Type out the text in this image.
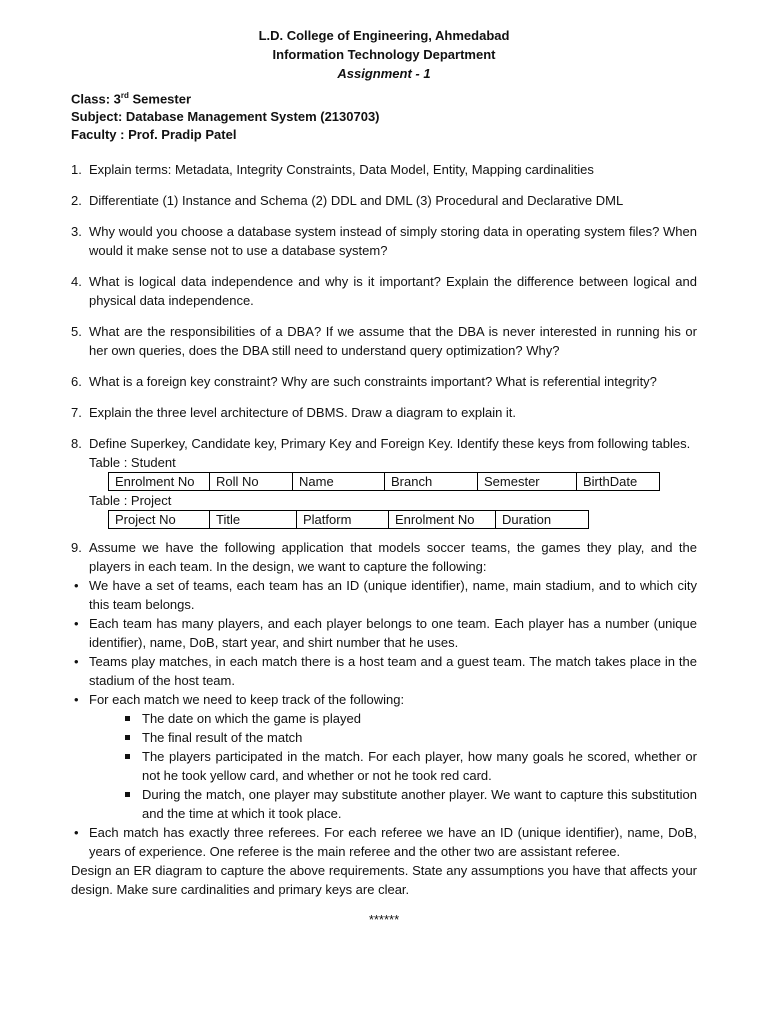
L.D. College of Engineering, Ahmedabad
Information Technology Department
Assignment - 1
Class: 3rd Semester
Subject: Database Management System (2130703)
Faculty : Prof. Pradip Patel
1. Explain terms: Metadata, Integrity Constraints, Data Model, Entity, Mapping cardinalities
2. Differentiate (1) Instance and Schema (2) DDL and DML (3) Procedural and Declarative DML
3. Why would you choose a database system instead of simply storing data in operating system files? When would it make sense not to use a database system?
4. What is logical data independence and why is it important? Explain the difference between logical and physical data independence.
5. What are the responsibilities of a DBA? If we assume that the DBA is never interested in running his or her own queries, does the DBA still need to understand query optimization? Why?
6. What is a foreign key constraint? Why are such constraints important? What is referential integrity?
7. Explain the three level architecture of DBMS. Draw a diagram to explain it.
8. Define Superkey, Candidate key, Primary Key and Foreign Key. Identify these keys from following tables.
Table : Student
Enrolment No	Roll No	Name	Branch	Semester	BirthDate
Table : Project
Project No	Title	Platform	Enrolment No	Duration
9. Assume we have the following application that models soccer teams, the games they play, and the players in each team. In the design, we want to capture the following:
• We have a set of teams, each team has an ID (unique identifier), name, main stadium, and to which city this team belongs.
• Each team has many players, and each player belongs to one team. Each player has a number (unique identifier), name, DoB, start year, and shirt number that he uses.
• Teams play matches, in each match there is a host team and a guest team. The match takes place in the stadium of the host team.
• For each match we need to keep track of the following:
The date on which the game is played
The final result of the match
The players participated in the match. For each player, how many goals he scored, whether or not he took yellow card, and whether or not he took red card.
During the match, one player may substitute another player. We want to capture this substitution and the time at which it took place.
• Each match has exactly three referees. For each referee we have an ID (unique identifier), name, DoB, years of experience. One referee is the main referee and the other two are assistant referee.
Design an ER diagram to capture the above requirements. State any assumptions you have that affects your design. Make sure cardinalities and primary keys are clear.
******
